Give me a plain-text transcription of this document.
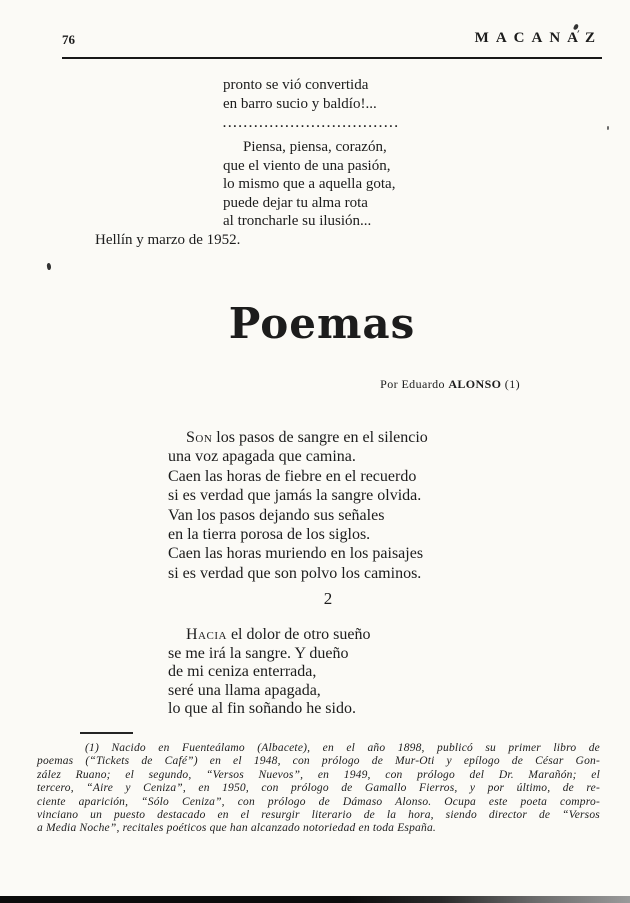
76	MACANAZ
pronto se vió convertida
en barro sucio y baldío!...
..................................
Piensa, piensa, corazón,
que el viento de una pasión,
lo mismo que a aquella gota,
puede dejar tu alma rota
al troncharle su ilusión...
Hellín y marzo de 1952.
Poemas
Por Eduardo ALONSO (1)
Son los pasos de sangre en el silencio
una voz apagada que camina.
Caen las horas de fiebre en el recuerdo
si es verdad que jamás la sangre olvida.
Van los pasos dejando sus señales
en la tierra porosa de los siglos.
Caen las horas muriendo en los paisajes
si es verdad que son polvo los caminos.
2
Hacia el dolor de otro sueño
se me irá la sangre. Y dueño
de mi ceniza enterrada,
seré una llama apagada,
lo que al fin soñando he sido.
(1) Nacido en Fuenteálamo (Albacete), en el año 1898, publicó su primer libro de
poemas (“Tickets de Café”) en el 1948, con prólogo de Mur-Oti y epílogo de César Gon-
zález Ruano; el segundo, “Versos Nuevos”, en 1949, con prólogo del Dr. Marañón; el
tercero, “Aire y Ceniza”, en 1950, con prólogo de Gamallo Fierros, y por último, de re-
ciente aparición, “Sólo Ceniza”, con prólogo de Dámaso Alonso. Ocupa este poeta compro-
vinciano un puesto destacado en el resurgir literario de la hora, siendo director de “Versos
a Media Noche”, recitales poéticos que han alcanzado notoriedad en toda España.
